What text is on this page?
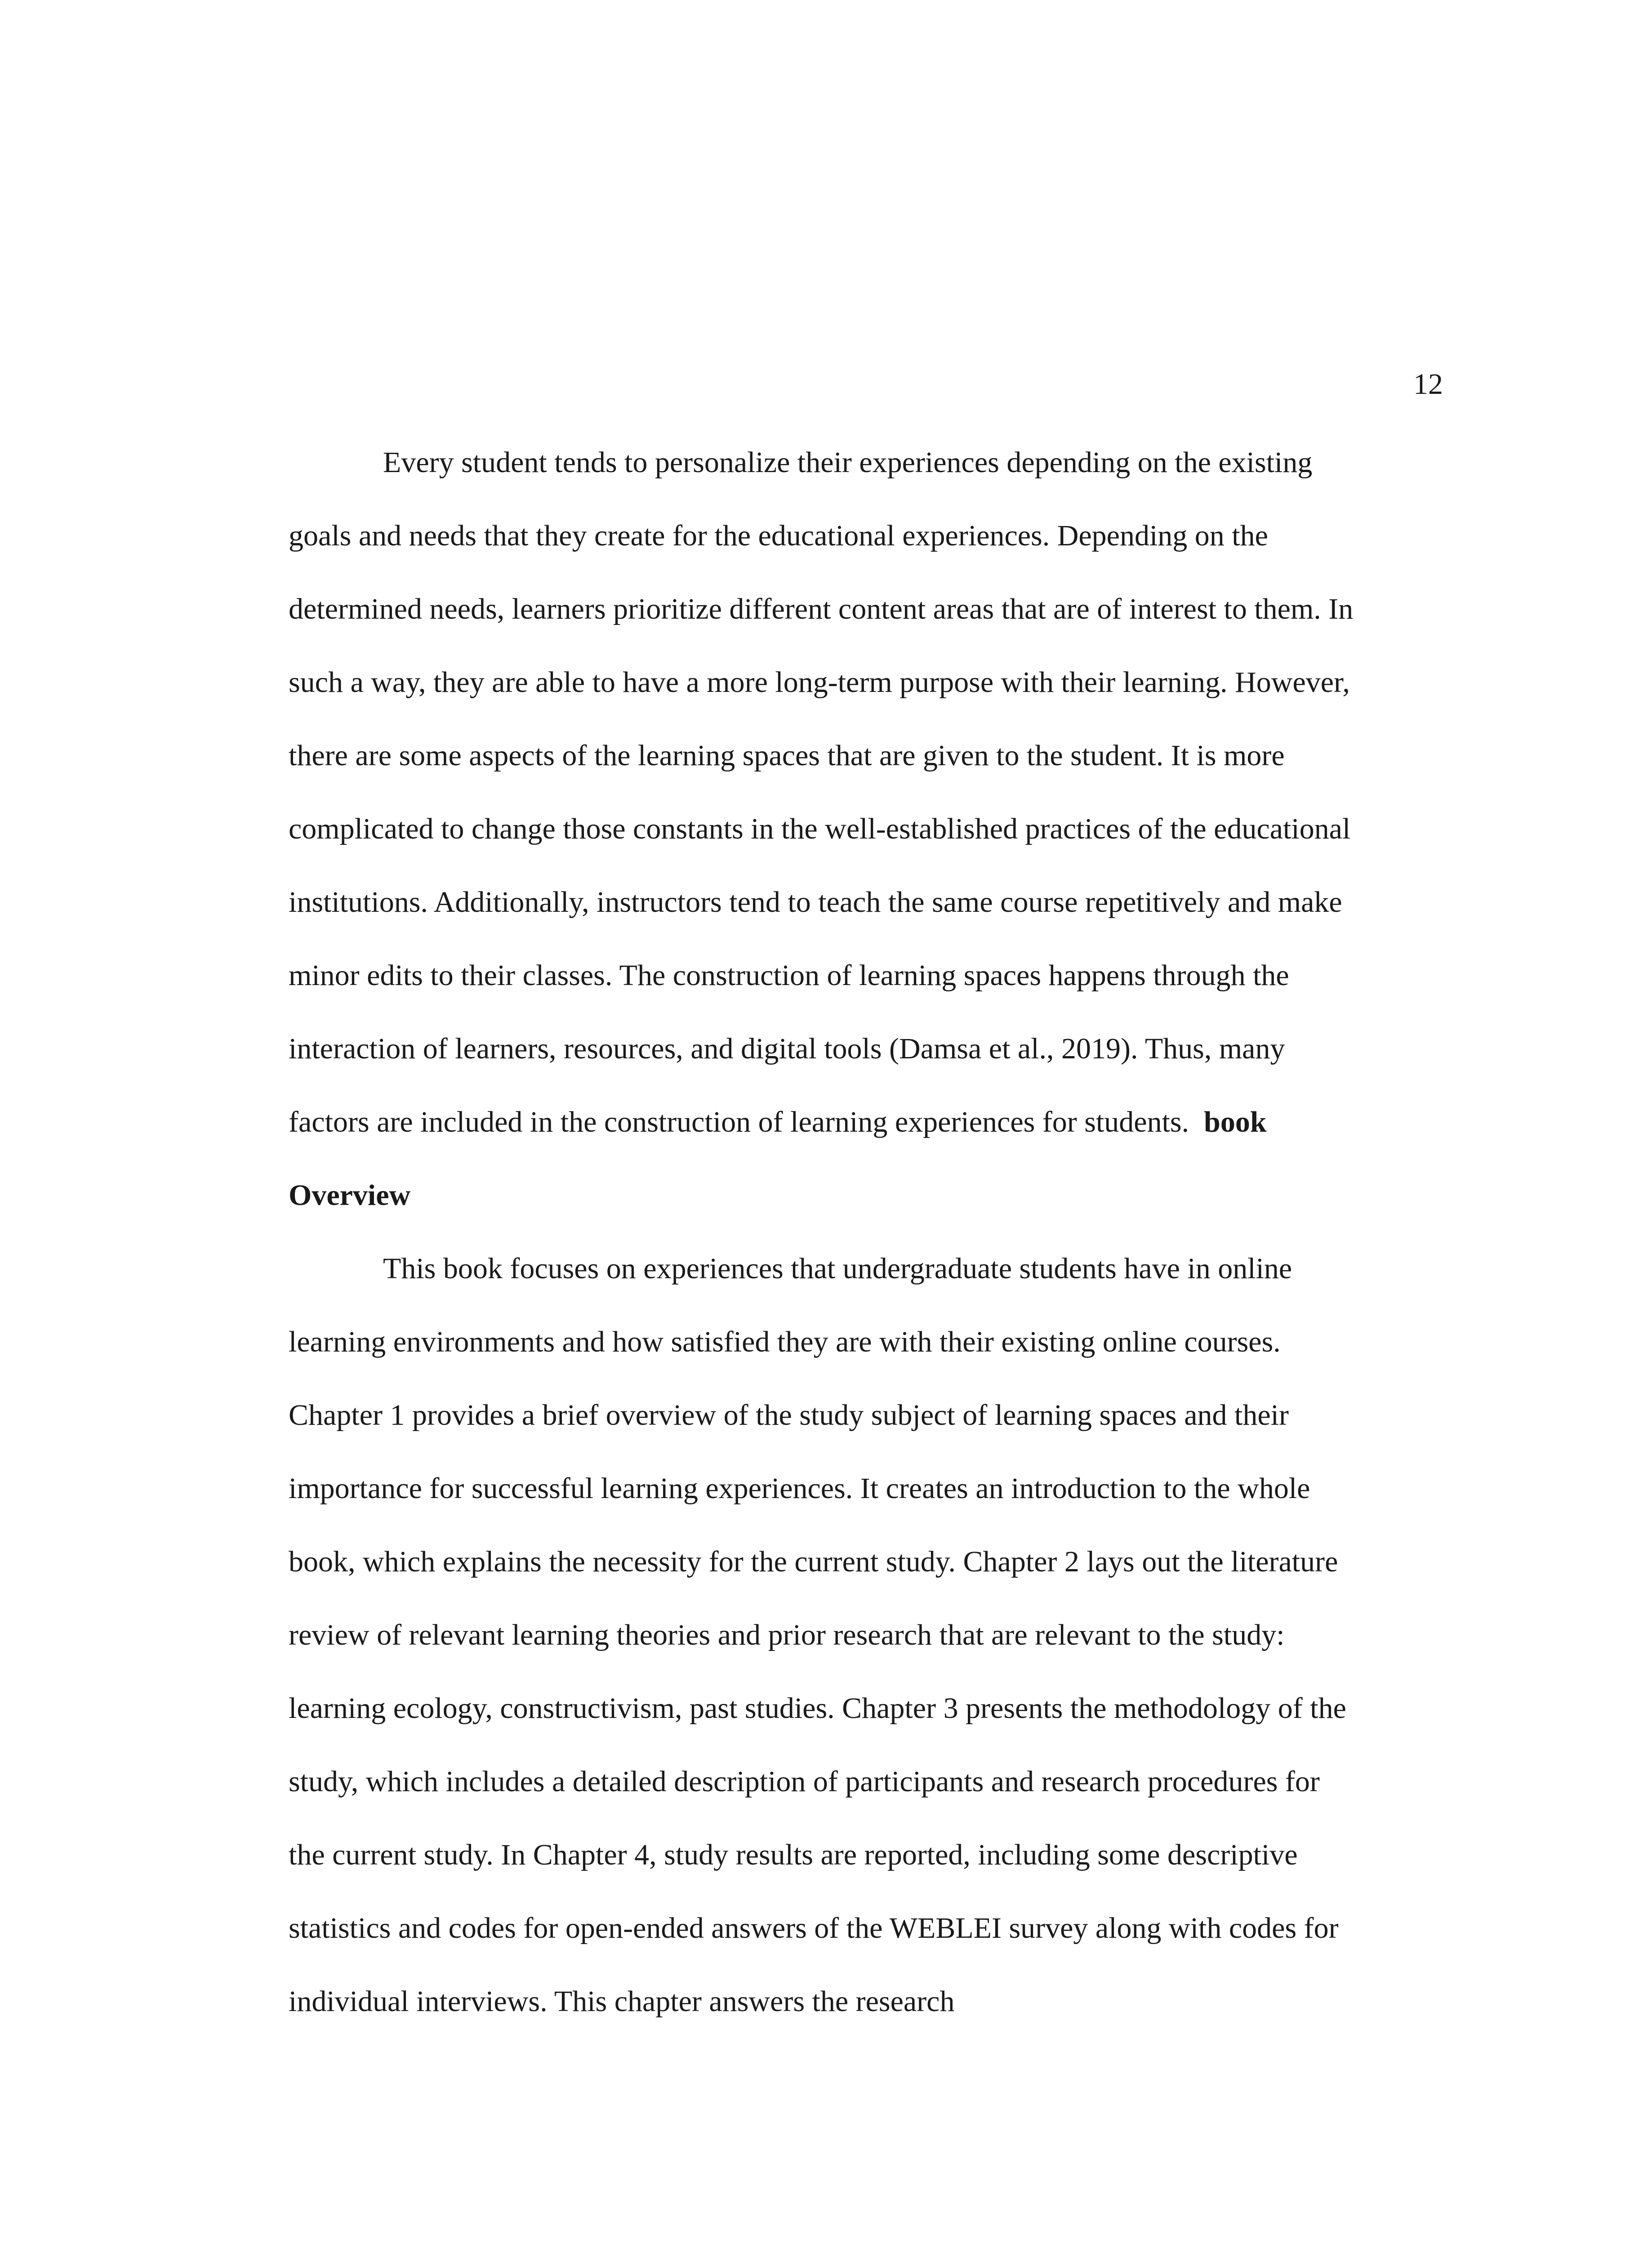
12
Every student tends to personalize their experiences depending on the existing
goals and needs that they create for the educational experiences. Depending on the
determined needs, learners prioritize different content areas that are of interest to them. In
such a way, they are able to have a more long-term purpose with their learning. However,
there are some aspects of the learning spaces that are given to the student. It is more
complicated to change those constants in the well-established practices of the educational
institutions. Additionally, instructors tend to teach the same course repetitively and make
minor edits to their classes. The construction of learning spaces happens through the
interaction of learners, resources, and digital tools (Damsa et al., 2019). Thus, many
factors are included in the construction of learning experiences for students. book
Overview
This book focuses on experiences that undergraduate students have in online
learning environments and how satisfied they are with their existing online courses.
Chapter 1 provides a brief overview of the study subject of learning spaces and their
importance for successful learning experiences. It creates an introduction to the whole
book, which explains the necessity for the current study. Chapter 2 lays out the literature
review of relevant learning theories and prior research that are relevant to the study:
learning ecology, constructivism, past studies. Chapter 3 presents the methodology of the
study, which includes a detailed description of participants and research procedures for
the current study. In Chapter 4, study results are reported, including some descriptive
statistics and codes for open-ended answers of the WEBLEI survey along with codes for
individual interviews. This chapter answers the research
